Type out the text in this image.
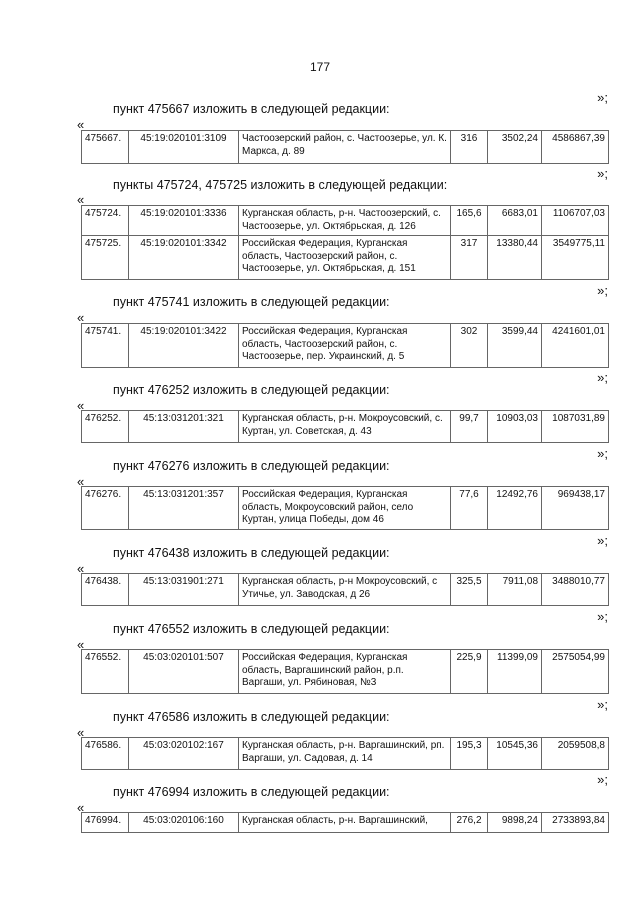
177
»;
пункт 475667 изложить в следующей редакции:
«
475667.	45:19:020101:3109	Частоозерский район, с. Частоозерье, ул. К. Маркса, д. 89	316	3502,24	4586867,39
»;
пункты 475724, 475725 изложить в следующей редакции:
«
475724.	45:19:020101:3336	Курганская область, р-н. Частоозерский, с. Частоозерье, ул. Октябрьская, д. 126	165,6	6683,01	1106707,03
475725.	45:19:020101:3342	Российская Федерация, Курганская область, Частоозерский район, с. Частоозерье, ул. Октябрьская, д. 151	317	13380,44	3549775,11
»;
пункт 475741 изложить в следующей редакции:
«
475741.	45:19:020101:3422	Российская Федерация, Курганская область, Частоозерский район, с. Частоозерье, пер. Украинский, д. 5	302	3599,44	4241601,01
»;
пункт 476252 изложить в следующей редакции:
«
476252.	45:13:031201:321	Курганская область, р-н. Мокроусовский, с. Куртан, ул. Советская, д. 43	99,7	10903,03	1087031,89
»;
пункт 476276 изложить в следующей редакции:
«
476276.	45:13:031201:357	Российская Федерация, Курганская область, Мокроусовский район, село Куртан, улица Победы, дом 46	77,6	12492,76	969438,17
»;
пункт 476438 изложить в следующей редакции:
«
476438.	45:13:031901:271	Курганская область, р-н Мокроусовский, с Утичье, ул. Заводская, д 26	325,5	7911,08	3488010,77
»;
пункт 476552 изложить в следующей редакции:
«
476552.	45:03:020101:507	Российская Федерация, Курганская область, Варгашинский район, р.п. Варгаши, ул. Рябиновая, №3	225,9	11399,09	2575054,99
»;
пункт 476586 изложить в следующей редакции:
«
476586.	45:03:020102:167	Курганская область, р-н. Варгашинский, рп. Варгаши, ул. Садовая, д. 14	195,3	10545,36	2059508,8
»;
пункт 476994 изложить в следующей редакции:
«
476994.	45:03:020106:160	Курганская область, р-н. Варгашинский,	276,2	9898,24	2733893,84
